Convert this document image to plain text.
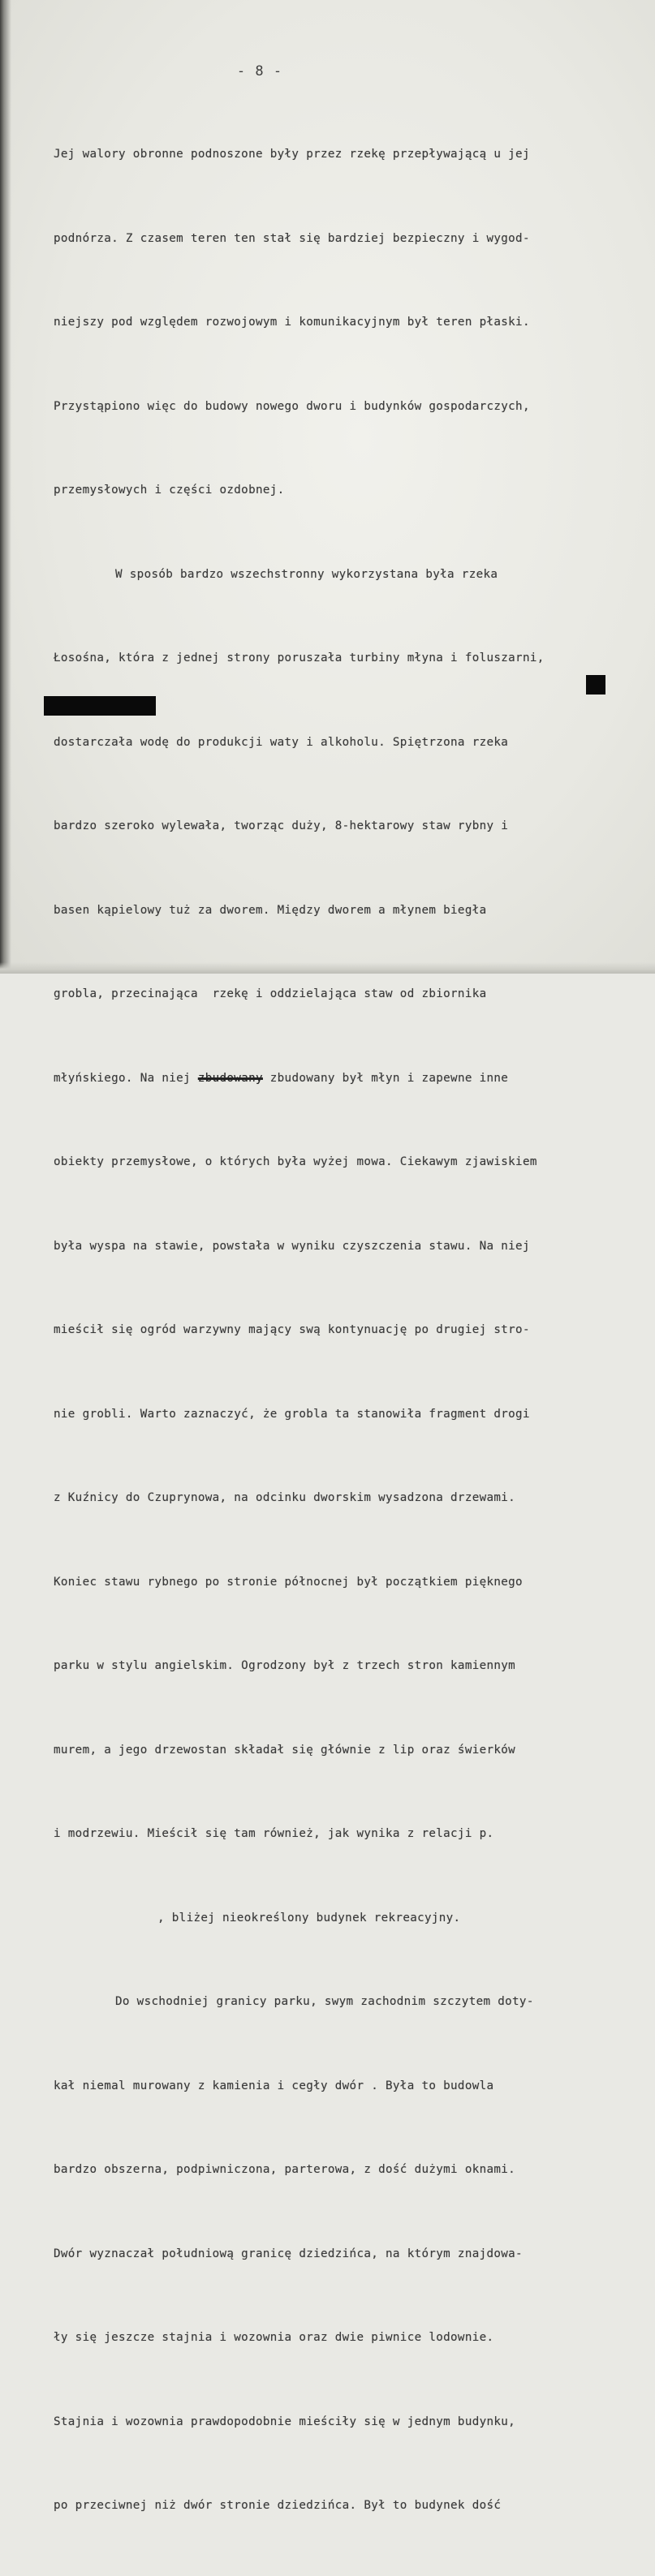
- 8 -

Jej walory obronne podnoszone były przez rzekę przepływającą u jej

podnórza. Z czasem teren ten stał się bardziej bezpieczny i wygod-

niejszy pod względem rozwojowym i komunikacyjnym był teren płaski.

Przystąpiono więc do budowy nowego dworu i budynków gospodarczych,

przemysłowych i części ozdobnej.

W sposób bardzo wszechstronny wykorzystana była rzeka

Łosośna, która z jednej strony poruszała turbiny młyna i foluszarni,

dostarczała wodę do produkcji waty i alkoholu. Spiętrzona rzeka

bardzo szeroko wylewała, tworząc duży, 8-hektarowy staw rybny i

basen kąpielowy tuż za dworem. Między dworem a młynem biegła

grobla, przecinająca  rzekę i oddzielająca staw od zbiornika

młyńskiego. Na niej zbudowany zbudowany był młyn i zapewne inne

obiekty przemysłowe, o których była wyżej mowa. Ciekawym zjawiskiem

była wyspa na stawie, powstała w wyniku czyszczenia stawu. Na niej

mieścił się ogród warzywny mający swą kontynuację po drugiej stro-

nie grobli. Warto zaznaczyć, że grobla ta stanowiła fragment drogi

z Kuźnicy do Czuprynowa, na odcinku dworskim wysadzona drzewami.

Koniec stawu rybnego po stronie północnej był początkiem pięknego

parku w stylu angielskim. Ogrodzony był z trzech stron kamiennym

murem, a jego drzewostan składał się głównie z lip oraz świerków

i modrzewiu. Mieścił się tam również, jak wynika z relacji p.

, bliżej nieokreślony budynek rekreacyjny.

Do wschodniej granicy parku, swym zachodnim szczytem doty-

kał niemal murowany z kamienia i cegły dwór . Była to budowla

bardzo obszerna, podpiwniczona, parterowa, z dość dużymi oknami.

Dwór wyznaczał południową granicę dziedzińca, na którym znajdowa-

ły się jeszcze stajnia i wozownia oraz dwie piwnice lodownie.

Stajnia i wozownia prawdopodobnie mieściły się w jednym budynku,

po przeciwnej niż dwór stronie dziedzińca. Był to budynek dość
